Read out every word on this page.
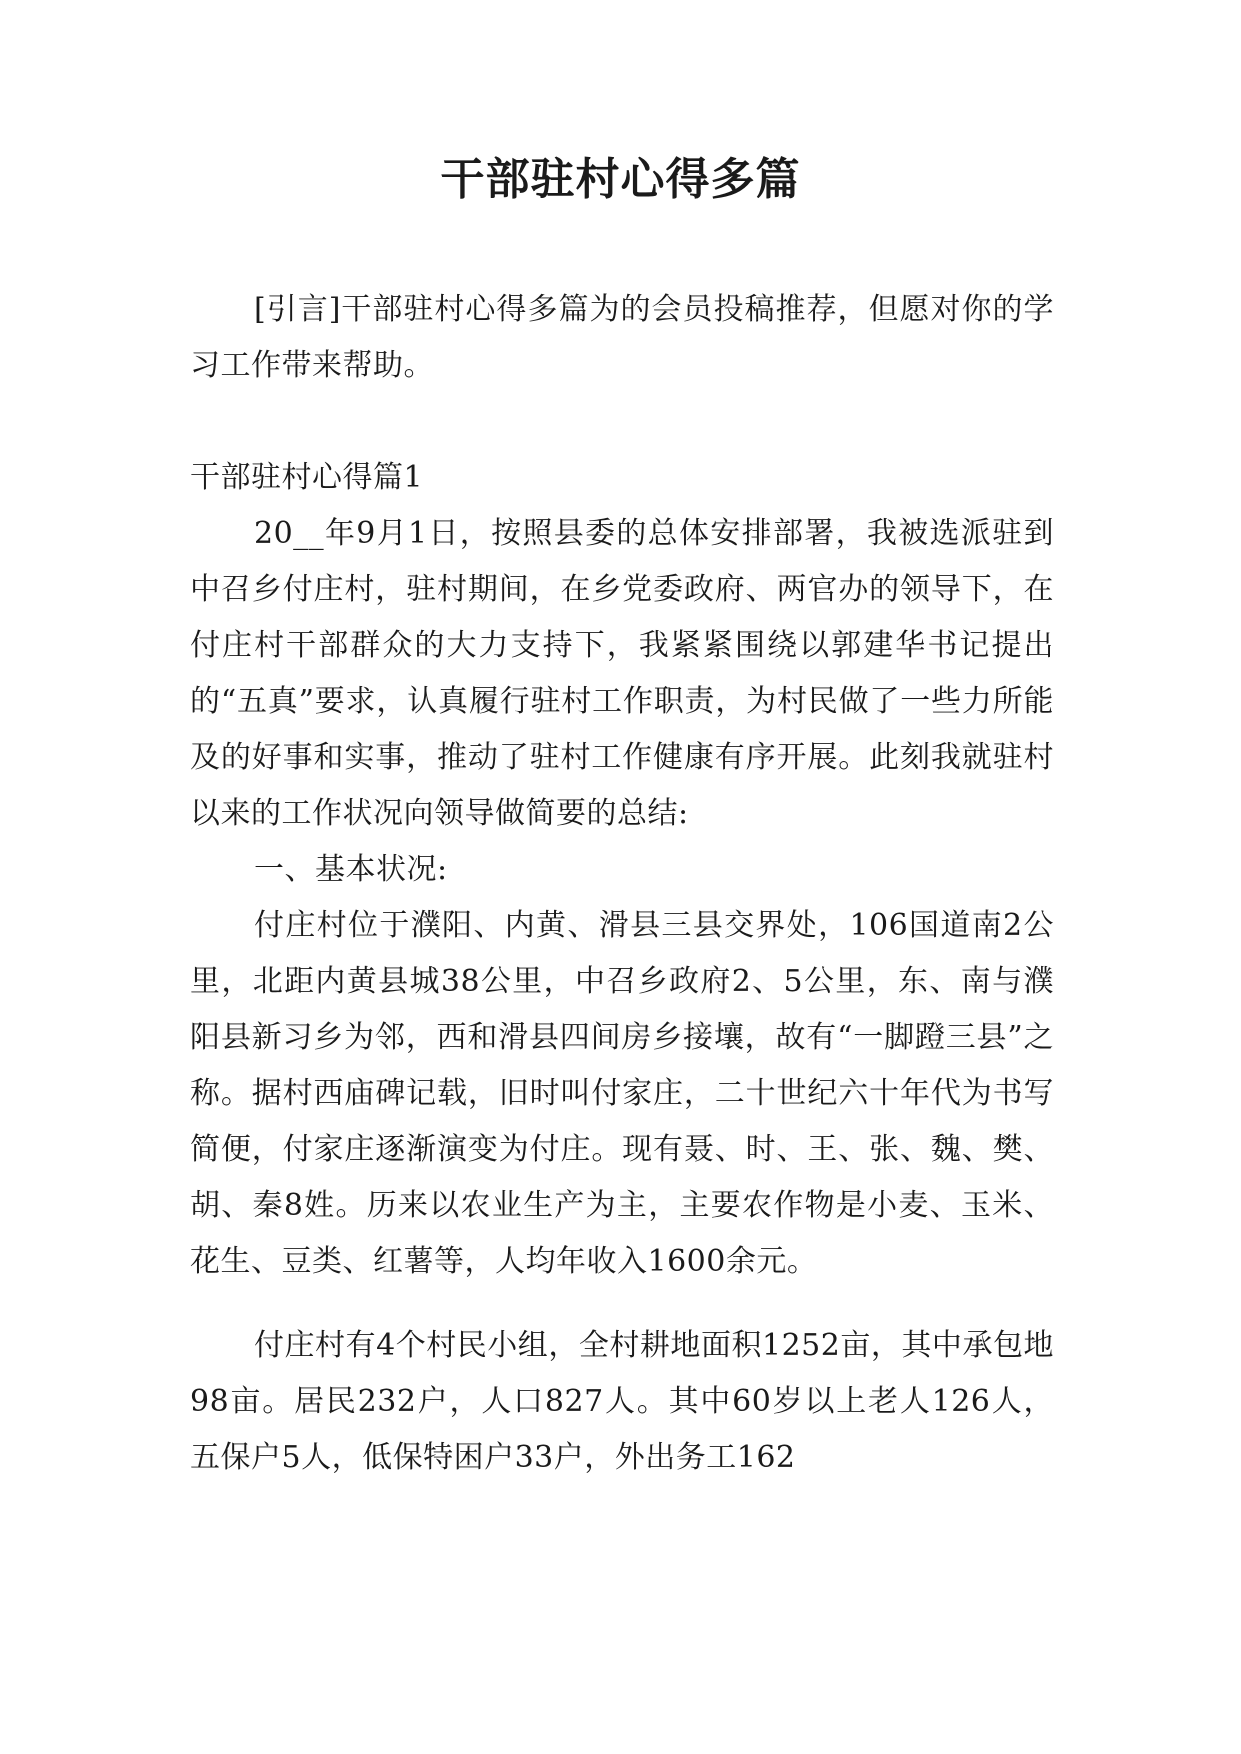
干部驻村心得多篇

[引言]干部驻村心得多篇为的会员投稿推荐，但愿对你的学习工作带来帮助。

干部驻村心得篇1

20__年9月1日，按照县委的总体安排部署，我被选派驻到中召乡付庄村，驻村期间，在乡党委政府、两官办的领导下，在付庄村干部群众的大力支持下，我紧紧围绕以郭建华书记提出的“五真”要求，认真履行驻村工作职责，为村民做了一些力所能及的好事和实事，推动了驻村工作健康有序开展。此刻我就驻村以来的工作状况向领导做简要的总结:

一、基本状况:

付庄村位于濮阳、内黄、滑县三县交界处，106国道南2公里，北距内黄县城38公里，中召乡政府2、5公里，东、南与濮阳县新习乡为邻，西和滑县四间房乡接壤，故有“一脚蹬三县”之称。据村西庙碑记载，旧时叫付家庄，二十世纪六十年代为书写简便，付家庄逐渐演变为付庄。现有聂、时、王、张、魏、樊、胡、秦8姓。历来以农业生产为主，主要农作物是小麦、玉米、花生、豆类、红薯等，人均年收入1600余元。

付庄村有4个村民小组，全村耕地面积1252亩，其中承包地98亩。居民232户，人口827人。其中60岁以上老人126人，五保户5人，低保特困户33户，外出务工162
